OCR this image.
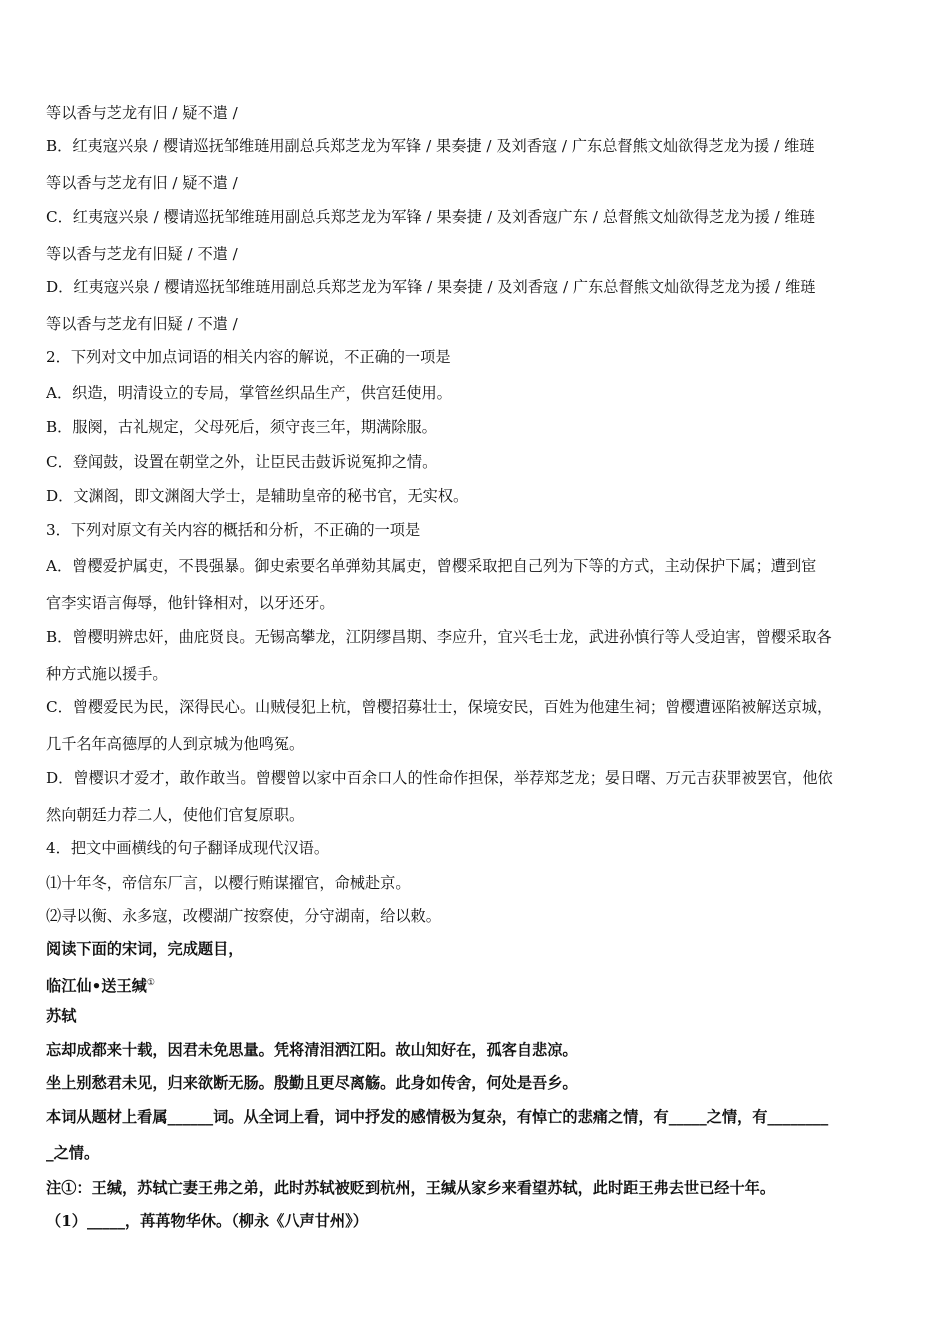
等以香与芝龙有旧 / 疑不遣 /
B．红夷寇兴泉 / 樱请巡抚邹维琏用副总兵郑芝龙为军锋 / 果奏捷 / 及刘香寇 / 广东总督熊文灿欲得芝龙为援 / 维琏
等以香与芝龙有旧 / 疑不遣 /
C．红夷寇兴泉 / 樱请巡抚邹维琏用副总兵郑芝龙为军锋 / 果奏捷 / 及刘香寇广东 / 总督熊文灿欲得芝龙为援 / 维琏
等以香与芝龙有旧疑 / 不遣 /
D．红夷寇兴泉 / 樱请巡抚邹维琏用副总兵郑芝龙为军锋 / 果奏捷 / 及刘香寇 / 广东总督熊文灿欲得芝龙为援 / 维琏
等以香与芝龙有旧疑 / 不遣 /
2．下列对文中加点词语的相关内容的解说，不正确的一项是
A．织造，明清设立的专局，掌管丝织品生产，供宫廷使用。
B．服阕，古礼规定，父母死后，须守丧三年，期满除服。
C．登闻鼓，设置在朝堂之外，让臣民击鼓诉说冤抑之情。
D．文渊阁，即文渊阁大学士，是辅助皇帝的秘书官，无实权。
3．下列对原文有关内容的概括和分析，不正确的一项是
A．曾樱爱护属吏，不畏强暴。御史索要名单弹劾其属吏，曾樱采取把自己列为下等的方式，主动保护下属；遭到宦
官李实语言侮辱，他针锋相对，以牙还牙。
B．曾樱明辨忠奸，曲庇贤良。无锡高攀龙，江阴缪昌期、李应升，宜兴毛士龙，武进孙慎行等人受迫害，曾樱采取各
种方式施以援手。
C．曾樱爱民为民，深得民心。山贼侵犯上杭，曾樱招募壮士，保境安民，百姓为他建生祠；曾樱遭诬陷被解送京城，
几千名年高德厚的人到京城为他鸣冤。
D．曾樱识才爱才，敢作敢当。曾樱曾以家中百余口人的性命作担保，举荐郑芝龙；晏日曙、万元吉获罪被罢官，他依
然向朝廷力荐二人，使他们官复原职。
4．把文中画横线的句子翻译成现代汉语。
⑴十年冬，帝信东厂言，以樱行贿谋擢官，命械赴京。
⑵寻以衡、永多寇，改樱湖广按察使，分守湖南，给以敕。
阅读下面的宋词，完成题目，
临江仙•送王缄①
苏轼
忘却成都来十载，因君未免思量。凭将清泪洒江阳。故山知好在，孤客自悲凉。
坐上别愁君未见，归来欲断无肠。殷勤且更尽离觞。此身如传舍，何处是吾乡。
本词从题材上看属______词。从全词上看，词中抒发的感情极为复杂，有悼亡的悲痛之情，有_____之情，有________
_之情。
注①：王缄，苏轼亡妻王弗之弟，此时苏轼被贬到杭州，王缄从家乡来看望苏轼，此时距王弗去世已经十年。
（1）_____，苒苒物华休。（柳永《八声甘州》）
